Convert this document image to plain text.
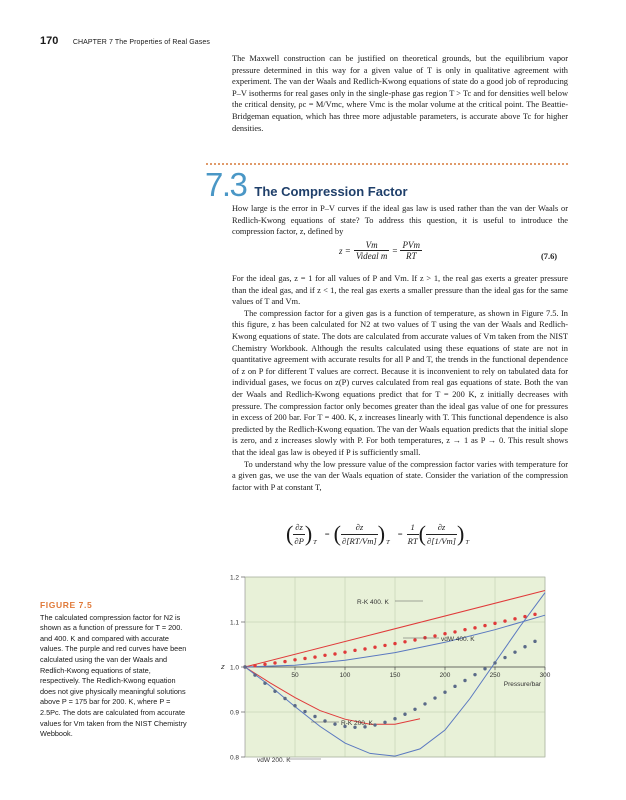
170 CHAPTER 7 The Properties of Real Gases

The Maxwell construction can be justified on theoretical grounds, but the equilibrium vapor pressure determined in this way for a given value of T is only in qualitative agreement with experiment. The van der Waals and Redlich-Kwong equations of state do a good job of reproducing P–V isotherms for real gases only in the single-phase gas region T > Tc and for densities well below the critical density, ρc = M/Vmc, where Vmc is the molar volume at the critical point. The Beattie-Bridgeman equation, which has three more adjustable parameters, is accurate above Tc for higher densities.

7.3 The Compression Factor

How large is the error in P–V curves if the ideal gas law is used rather than the van der Waals or Redlich-Kwong equations of state? To address this question, it is useful to introduce the compression factor, z, defined by

z =	Vm	=	PVm
	Videal m		RT	(7.6)

For the ideal gas, z = 1 for all values of P and Vm. If z > 1, the real gas exerts a greater pressure than the ideal gas, and if z < 1, the real gas exerts a smaller pressure than the ideal gas for the same values of T and Vm.

The compression factor for a given gas is a function of temperature, as shown in Figure 7.5. In this figure, z has been calculated for N2 at two values of T using the van der Waals and Redlich-Kwong equations of state. The dots are calculated from accurate values of Vm taken from the NIST Chemistry Workbook. Although the results calculated using these equations of state are not in quantitative agreement with accurate results for all P and T, the trends in the functional dependence of z on P for different T values are correct. Because it is inconvenient to rely on tabulated data for individual gases, we focus on z(P) curves calculated from real gas equations of state. Both the van der Waals and Redlich-Kwong equations predict that for T = 200 K, z initially decreases with pressure. The compression factor only becomes greater than the ideal gas value of one for pressures in excess of 200 bar. For T = 400. K, z increases linearly with T. This functional dependence is also predicted by the Redlich-Kwong equation. The van der Waals equation predicts that the initial slope is zero, and z increases slowly with P. For both temperatures, z → 1 as P → 0. This result shows that the ideal gas law is obeyed if P is sufficiently small.

To understand why the low pressure value of the compression factor varies with temperature for a given gas, we use the van der Waals equation of state. Consider the variation of the compression factor with P at constant T,

(	∂z	)	T	=	(	∂z	)	T	=	1	(	∂z	)	T
	∂P					∂[RT/Vm]				RT		∂[1/Vm]		
FIGURE 7.5
The calculated compression factor for N2 is shown as a function of pressure for T = 200. and 400. K and compared with accurate values. The purple and red curves have been calculated using the van der Waals and Redlich-Kwong equations of state, respectively. The Redlich-Kwong equation does not give physically meaningful solutions above P = 175 bar for 200. K, where P = 2.5Pc. The dots are calculated from accurate values for Vm taken from the NIST Chemistry Webbook.
0.8
0.9
1.0
1.1
1.2
50	100	150	200	250	300
Pressure/bar
z
R-K 400. K
vdW 400. K
R-K 200. K
vdW 200. K
